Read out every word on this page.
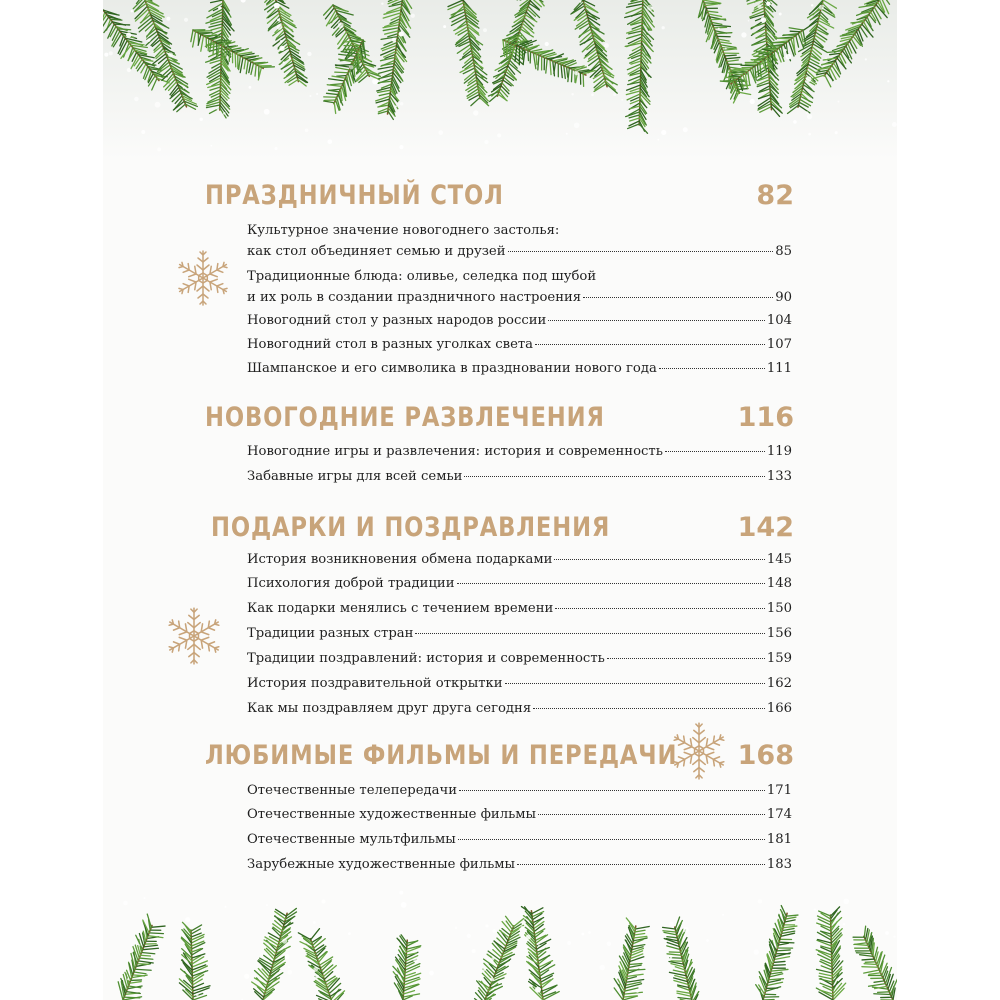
ПРАЗДНИЧНЫЙ СТОЛ	82
Культурное значение новогоднего застолья:
как стол объединяет семью и друзей	85
Традиционные блюда: оливье, селедка под шубой
и их роль в создании праздничного настроения	90
Новогодний стол у разных народов россии	104
Новогодний стол в разных уголках света	107
Шампанское и его символика в праздновании нового года	111
НОВОГОДНИЕ РАЗВЛЕЧЕНИЯ	116
Новогодние игры и развлечения: история и современность	119
Забавные игры для всей семьи	133
ПОДАРКИ И ПОЗДРАВЛЕНИЯ	142
История возникновения обмена подарками	145
Психология доброй традиции	148
Как подарки менялись с течением времени	150
Традиции разных стран	156
Традиции поздравлений: история и современность	159
История поздравительной открытки	162
Как мы поздравляем друг друга сегодня	166
ЛЮБИМЫЕ ФИЛЬМЫ И ПЕРЕДАЧИ 168
Отечественные телепередачи	171
Отечественные художественные фильмы	174
Отечественные мультфильмы	181
Зарубежные художественные фильмы	183
